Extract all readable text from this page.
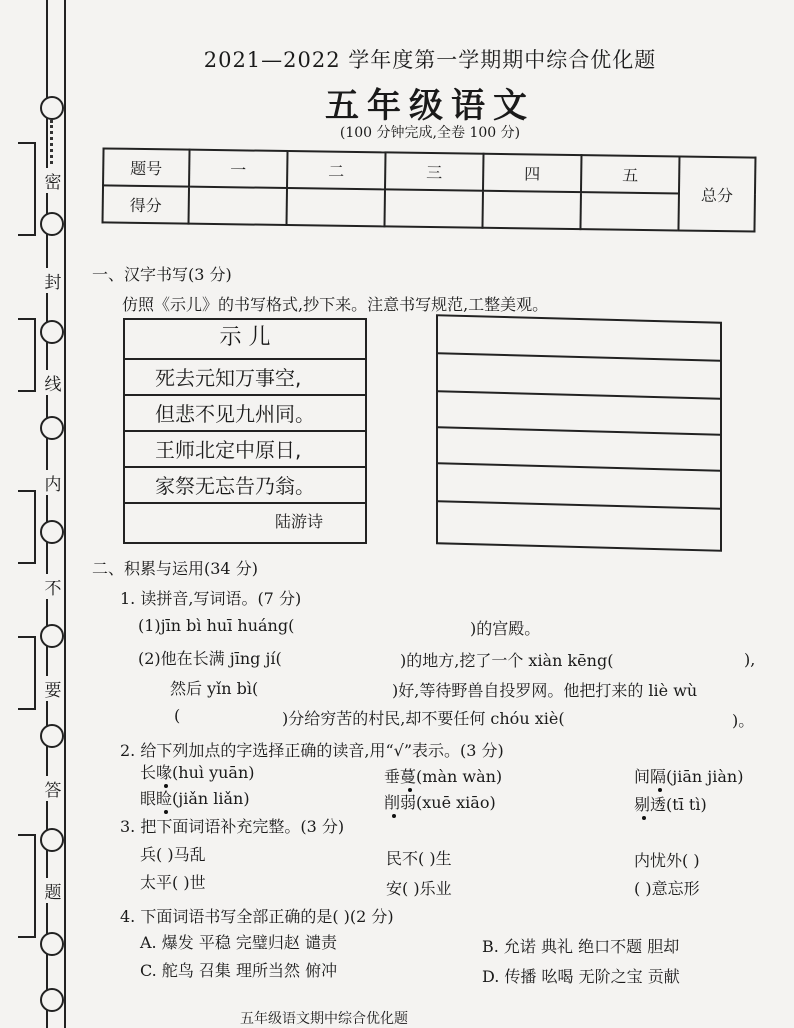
密
封
线
内
不
要
答
题
2021—2022 学年度第一学期期中综合优化题
五年级语文
(100 分钟完成,全卷 100 分)
题号	一	二	三	四	五	总分
得分						
一、汉字书写(3 分)
仿照《示儿》的书写格式,抄下来。注意书写规范,工整美观。
示 儿
死去元知万事空,
但悲不见九州同。
王师北定中原日,
家祭无忘告乃翁。
陆游诗
二、积累与运用(34 分)
1. 读拼音,写词语。(7 分)
(1)jīn bì huī huáng(	)的宫殿。
(2)他在长满 jīng jí(	)的地方,挖了一个 xiàn kēng(	),
然后 yǐn bì(	)好,等待野兽自投罗网。他把打来的 liè wù
(	)分给穷苦的村民,却不要任何 chóu xiè(	)。
2. 给下列加点的字选择正确的读音,用“√”表示。(3 分)
长喙(huì yuān)	垂蔓(màn wàn)	间隔(jiān jiàn)
眼睑(jiǎn liǎn)	削弱(xuē xiāo)	剔透(tī tì)
3. 把下面词语补充完整。(3 分)
兵( )马乱	民不( )生	内忧外( )
太平( )世	安( )乐业	( )意忘形
4. 下面词语书写全部正确的是( )(2 分)
A. 爆发 平稳 完璧归赵 谴责	B. 允诺 典礼 绝口不题 胆却
C. 舵鸟 召集 理所当然 俯冲	D. 传播 吆喝 无阶之宝 贡献
五年级语文期中综合优化题
